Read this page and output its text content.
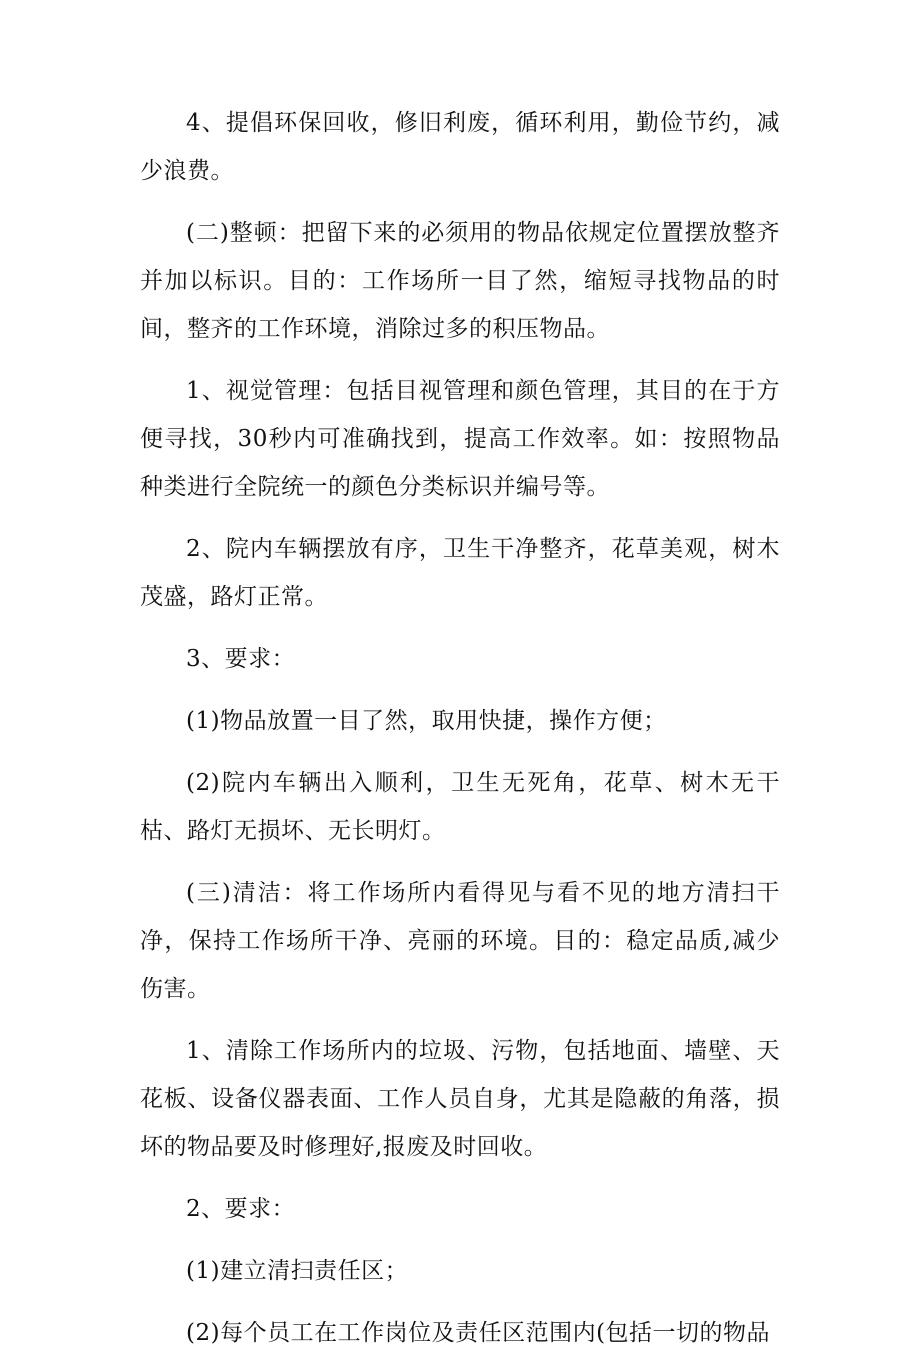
4、提倡环保回收，修旧利废，循环利用，勤俭节约，减少浪费。

(二)整顿：把留下来的必须用的物品依规定位置摆放整齐并加以标识。目的：工作场所一目了然，缩短寻找物品的时间，整齐的工作环境，消除过多的积压物品。

1、视觉管理：包括目视管理和颜色管理，其目的在于方便寻找，30秒内可准确找到，提高工作效率。如：按照物品种类进行全院统一的颜色分类标识并编号等。

2、院内车辆摆放有序，卫生干净整齐，花草美观，树木茂盛，路灯正常。

3、要求：

(1)物品放置一目了然，取用快捷，操作方便；

(2)院内车辆出入顺利，卫生无死角，花草、树木无干枯、路灯无损坏、无长明灯。

(三)清洁：将工作场所内看得见与看不见的地方清扫干净，保持工作场所干净、亮丽的环境。目的：稳定品质,减少伤害。

1、清除工作场所内的垃圾、污物，包括地面、墙壁、天花板、设备仪器表面、工作人员自身，尤其是隐蔽的角落，损坏的物品要及时修理好,报废及时回收。

2、要求：

(1)建立清扫责任区；

(2)每个员工在工作岗位及责任区范围内(包括一切的物品
